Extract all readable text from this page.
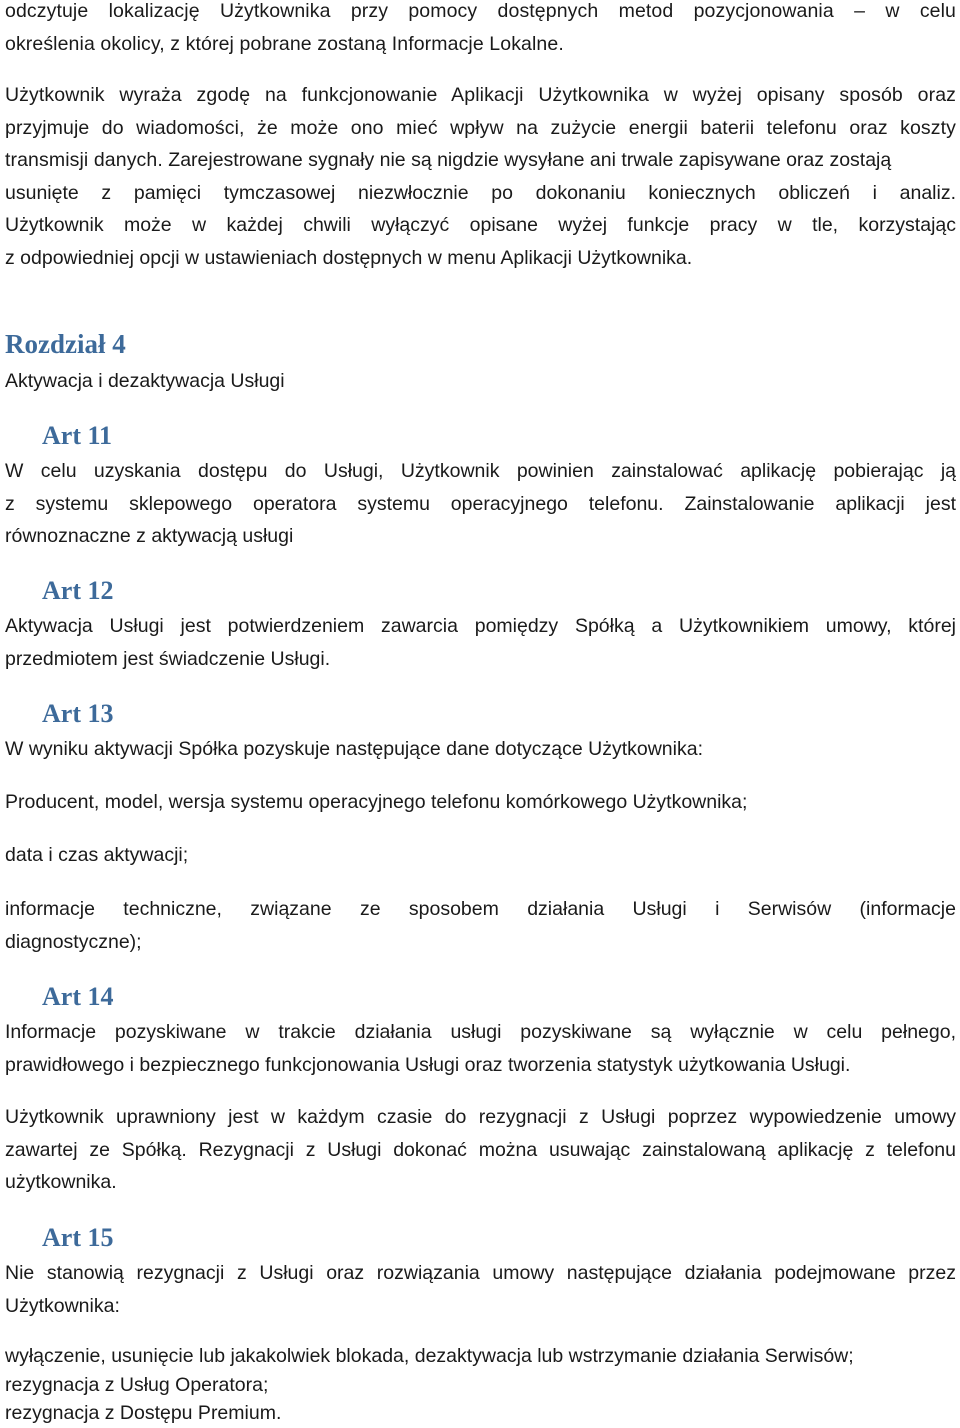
odczytuje lokalizację Użytkownika przy pomocy dostępnych metod pozycjonowania – w celu
określenia okolicy, z której pobrane zostaną Informacje Lokalne.
Użytkownik wyraża zgodę na funkcjonowanie Aplikacji Użytkownika w wyżej opisany sposób oraz
przyjmuje do wiadomości, że może ono mieć wpływ na zużycie energii baterii telefonu oraz koszty
transmisji danych. Zarejestrowane sygnały nie są nigdzie wysyłane ani trwale zapisywane oraz zostają
usunięte z pamięci tymczasowej niezwłocznie po dokonaniu koniecznych obliczeń i analiz.
Użytkownik może w każdej chwili wyłączyć opisane wyżej funkcje pracy w tle, korzystając
z odpowiedniej opcji w ustawieniach dostępnych w menu Aplikacji Użytkownika.
Rozdział 4
Aktywacja i dezaktywacja Usługi
Art 11
W celu uzyskania dostępu do Usługi, Użytkownik powinien zainstalować aplikację pobierając ją
z systemu sklepowego operatora systemu operacyjnego telefonu. Zainstalowanie aplikacji jest
równoznaczne z aktywacją usługi
Art 12
Aktywacja Usługi jest potwierdzeniem zawarcia pomiędzy Spółką a Użytkownikiem umowy, której
przedmiotem jest świadczenie Usługi.
Art 13
W wyniku aktywacji Spółka pozyskuje następujące dane dotyczące Użytkownika:
Producent, model, wersja systemu operacyjnego telefonu komórkowego Użytkownika;
data i czas aktywacji;
informacje techniczne, związane ze sposobem działania Usługi i Serwisów (informacje
diagnostyczne);
Art 14
Informacje pozyskiwane w trakcie działania usługi pozyskiwane są wyłącznie w celu pełnego,
prawidłowego i bezpiecznego funkcjonowania Usługi oraz tworzenia statystyk użytkowania Usługi.
Użytkownik uprawniony jest w każdym czasie do rezygnacji z Usługi poprzez wypowiedzenie umowy
zawartej ze Spółką. Rezygnacji z Usługi dokonać można usuwając zainstalowaną aplikację z telefonu
użytkownika.
Art 15
Nie stanowią rezygnacji z Usługi oraz rozwiązania umowy następujące działania podejmowane przez
Użytkownika:
wyłączenie, usunięcie lub jakakolwiek blokada, dezaktywacja lub wstrzymanie działania Serwisów;
rezygnacja z Usług Operatora;
rezygnacja z Dostępu Premium.
